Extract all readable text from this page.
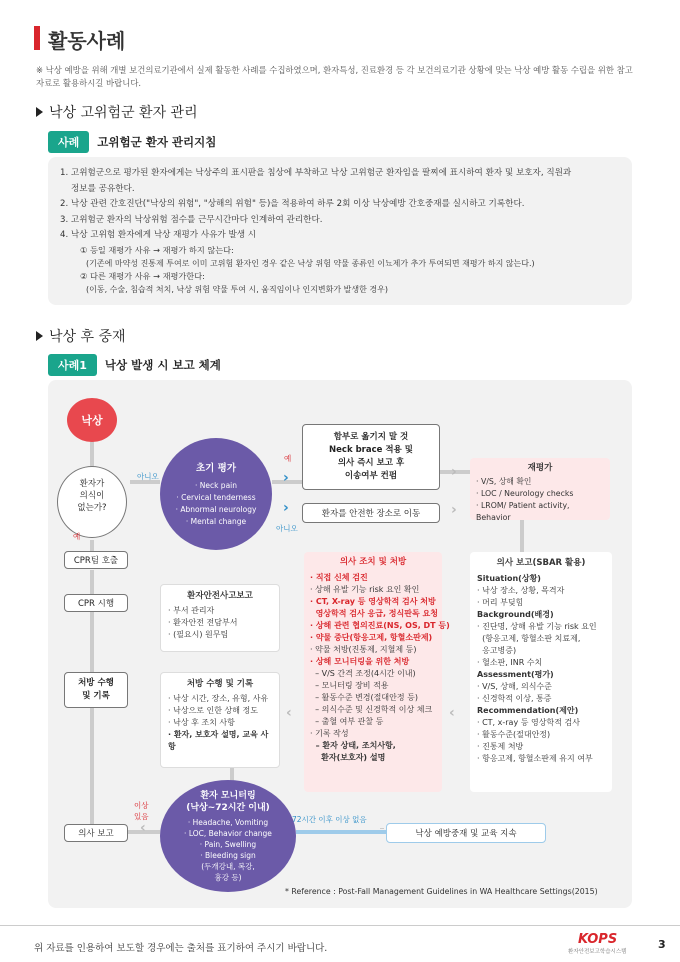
활동사례
※ 낙상 예방을 위해 개별 보건의료기관에서 실제 활동한 사례를 수집하였으며, 환자특성, 진료환경 등 각 보건의료기관 상황에 맞는 낙상 예방 활동 수립을 위한 참고자료로 활용하시길 바랍니다.
낙상 고위험군 환자 관리
사례	고위험군 환자 관리지침
1. 고위험군으로 평가된 환자에게는 낙상주의 표시판을 침상에 부착하고 낙상 고위험군 환자임을 팔찌에 표시하여 환자 및 보호자, 직원과
정보를 공유한다.
2. 낙상 관련 간호진단("낙상의 위험", "상해의 위험" 등)을 적용하여 하루 2회 이상 낙상예방 간호중재를 실시하고 기록한다.
3. 고위험군 환자의 낙상위험 점수를 근무시간마다 인계하여 관리한다.
4. 낙상 고위험 환자에게 낙상 재평가 사유가 발생 시
① 등일 재평가 사유 → 재평가 하지 않는다:
(기존에 마약성 진통제 투여로 이미 고위험 환자인 경우 같은 낙상 위험 약물 종류인 이뇨제가 추가 투여되면 재평가 하지 않는다.)
② 다른 재평가 사유 → 재평가한다:
(이동, 수술, 침습적 처치, 낙상 위험 약물 투여 시, 움직임이나 인지변화가 발생한 경우)
낙상 후 중재
사례1	낙상 발생 시 보고 체계
낙상
환자가
의식이
없는가?
아니오
예
초기 평가
· Neck pain
· Cervical tenderness
· Abnormal neurology
· Mental change
예
아니오
함부로 옮기지 말 것
Neck brace 적용 및
의사 즉시 보고 후
이송여부 컨펌
환자를 안전한 장소로 이동
재평가
· V/S, 상해 확인
· LOC / Neurology checks
· LROM/ Patient activity, Behavior
CPR팀 호출
CPR 시행
환자안전사고보고
· 부서 관리자
· 환자안전 전담부서
· (필요시) 원무팀
처방 수행
및 기록
처방 수행 및 기록
· 낙상 시간, 장소, 유형, 사유
· 낙상으로 인한 상해 정도
· 낙상 후 조치 사항
· 환자, 보호자 설명, 교육 사항
의사 조치 및 처방
· 직접 신체 검진
· 상해 유발 기능 risk 요인 확인
· CT, X-ray 등 영상학적 검사 처방
영상학적 검사 응급, 정식판독 요청
· 상해 관련 협의진료(NS, OS, DT 등)
· 약물 중단(항응고제, 항혈소판제)
· 약물 처방(진통제, 지혈제 등)
· 상해 모니터링을 위한 처방
– V/S 간격 조정(4시간 이내)
– 모니터링 장비 적용
– 활동수준 변경(절대안정 등)
– 의식수준 및 신경학적 이상 체크
– 출혈 여부 관찰 등
· 기록 작성
– 환자 상태, 조치사항,
환자(보호자) 설명
의사 보고(SBAR 활용)
Situation(상황)
· 낙상 장소, 상황, 목격자
· 머리 부딪힘
Background(배경)
· 진단명, 상해 유발 기능 risk 요인
(항응고제, 항혈소판 치료제,
응고병증)
· 혈소판, INR 수치
Assessment(평가)
· V/S, 상해, 의식수준
· 신경학적 이상, 통증
Recommendation(제안)
· CT, x-ray 등 영상학적 검사
· 활동수준(절대안정)
· 진통제 처방
· 항응고제, 항혈소판제 유지 여부
‹
‹
›
›
›
›
‹
환자 모니터링
(낙상~72시간 이내)
· Headache, Vomiting
· LOC, Behavior change
· Pain, Swelling
· Bleeding sign
(두개강내, 복강,
흉강 등)
이상
있음
의사 보고
72시간 이후 이상 없음
낙상 예방중재 및 교육 지속
* Reference : Post-Fall Management Guidelines in WA Healthcare Settings(2015)
위 자료를 인용하여 보도할 경우에는 출처를 표기하여 주시기 바랍니다.
KOPS
환자안전보고학습시스템
3
